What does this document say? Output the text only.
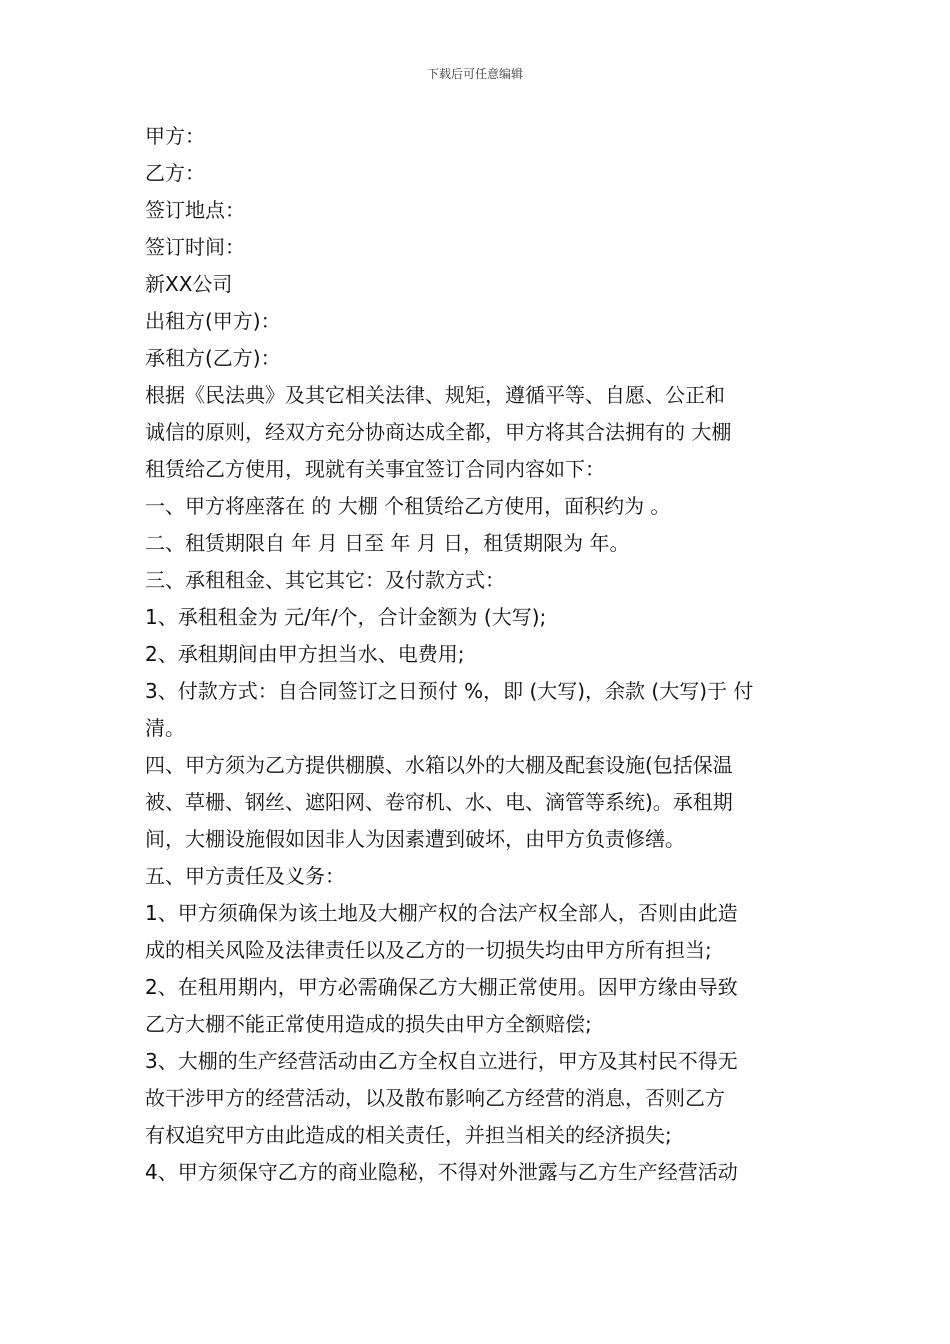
下载后可任意编辑
甲方：
乙方：
签订地点：
签订时间：
新XX公司
出租方(甲方)：
承租方(乙方)：
根据《民法典》及其它相关法律、规矩，遵循平等、自愿、公正和
诚信的原则，经双方充分协商达成全都，甲方将其合法拥有的 大棚
租赁给乙方使用，现就有关事宜签订合同内容如下：
一、甲方将座落在 的 大棚 个租赁给乙方使用，面积约为 。
二、租赁期限自 年 月 日至 年 月 日，租赁期限为 年。
三、承租租金、其它其它：及付款方式：
1、承租租金为 元/年/个，合计金额为 (大写);
2、承租期间由甲方担当水、电费用;
3、付款方式：自合同签订之日预付 %，即 (大写)，余款 (大写)于 付
清。
四、甲方须为乙方提供棚膜、水箱以外的大棚及配套设施(包括保温
被、草栅、钢丝、遮阳网、卷帘机、水、电、滴管等系统)。承租期
间，大棚设施假如因非人为因素遭到破坏，由甲方负责修缮。
五、甲方责任及义务：
1、甲方须确保为该土地及大棚产权的合法产权全部人，否则由此造
成的相关风险及法律责任以及乙方的一切损失均由甲方所有担当;
2、在租用期内，甲方必需确保乙方大棚正常使用。因甲方缘由导致
乙方大棚不能正常使用造成的损失由甲方全额赔偿;
3、大棚的生产经营活动由乙方全权自立进行，甲方及其村民不得无
故干涉甲方的经营活动，以及散布影响乙方经营的消息，否则乙方
有权追究甲方由此造成的相关责任，并担当相关的经济损失;
4、甲方须保守乙方的商业隐秘，不得对外泄露与乙方生产经营活动
